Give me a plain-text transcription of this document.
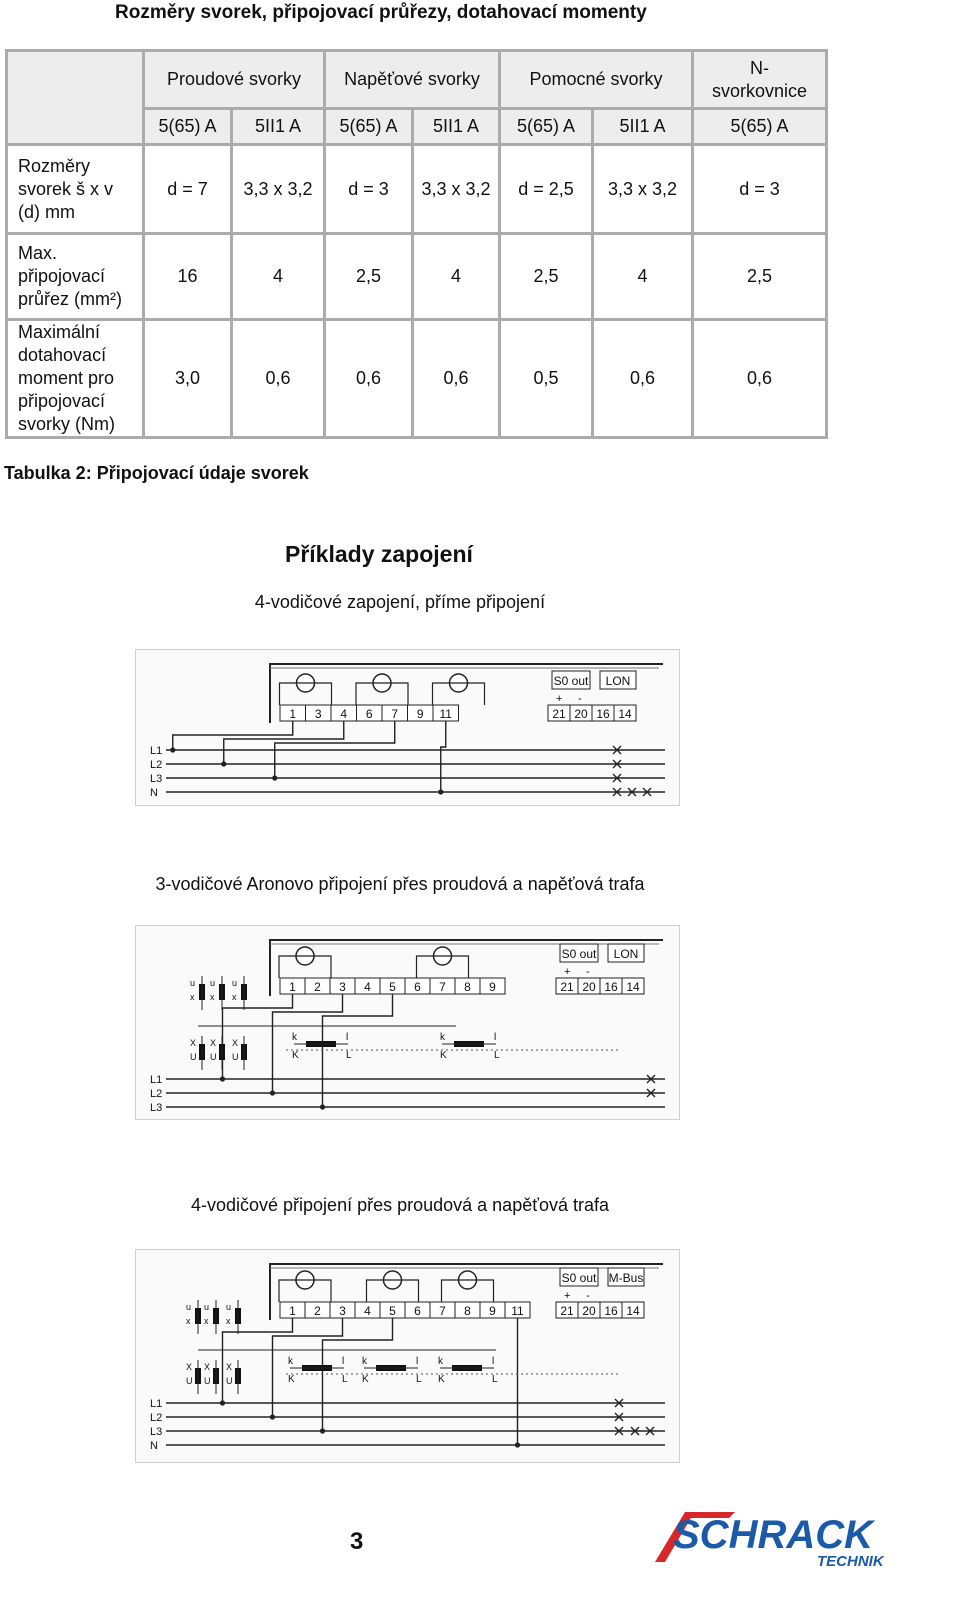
Rozměry svorek, připojovací průřezy, dotahovací momenty
	Proudové svorky		Napěťové svorky		Pomocné svorky		N-svorkovnice
	5(65) A	5II1 A	5(65) A	5II1 A	5(65) A	5II1 A	5(65) A
Rozměry svorek š x v (d) mm	d = 7	3,3 x 3,2	d = 3	3,3 x 3,2	d = 2,5	3,3 x 3,2	d = 3
Max. připojovací průřez (mm²)	16	4	2,5	4	2,5	4	2,5
Maximální dotahovací moment pro připojovací svorky (Nm)	3,0	0,6	0,6	0,6	0,5	0,6	0,6
Tabulka 2: Připojovací údaje svorek
Příklady zapojení
4-vodičové zapojení, příme připojení
1 3 4 6 7 9 11	21 20 16 14
S0 out LON
+ -
L1
L2
L3
N
3-vodičové Aronovo připojení přes proudová a napěťová trafa
1 2 3 4 5 6 7 8 9	21 20 16 14
S0 out LON
+ -
L1
L2
L3
k	l
K	L
k	l
K	L
u
x
u
x
u
x
X
U
X
U
X
U
4-vodičové připojení přes proudová a napěťová trafa
1 2 3 4 5 6 7 8 9 11	21 20 16 14
S0 out M-Bus
+ -
L1
L2
L3
N
k	l
K	L
k	l
K	L
k	l
K	L
u
x
u
x
u
x
X
U
X
U
X
U
3	SCHRACK
TECHNIK
